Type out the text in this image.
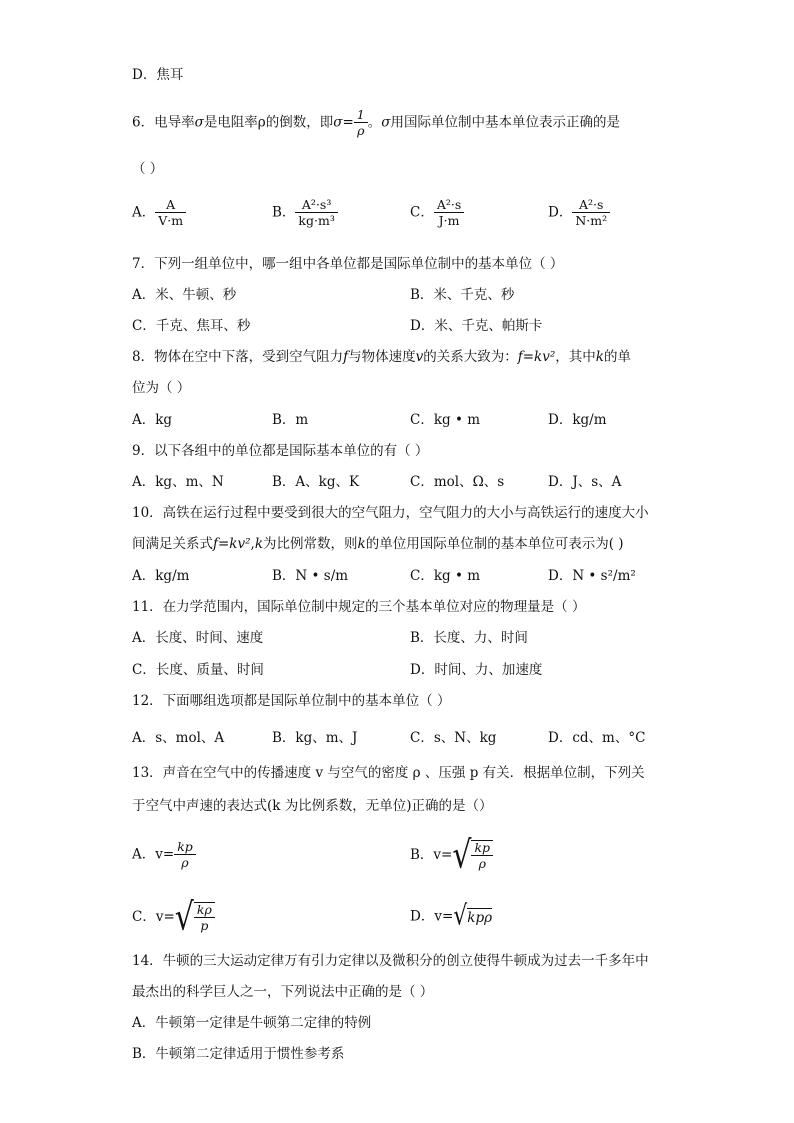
D．焦耳
6．电导率σ是电阻率ρ的倒数，即$\sigma= \frac{1}{\rho}$ 。σ用国际单位制中基本单位表示正确的是
（ ）
A． $\frac{A}{V\cdot m}$	B． $\frac{\text{A²·s³}}{\text{kg·m³}}$	C． $\frac{\text{A²·s}}{J\cdot m}$	D． $\frac{\text{A²·s}}{\text{N·m²}}$
7．下列一组单位中，哪一组中各单位都是国际单位制中的基本单位（ ）
A．米、牛顿、秒	B．米、千克、秒
C．千克、焦耳、秒	D．米、千克、帕斯卡
8．物体在空中下落，受到空气阻力f与物体速度v的关系大致为：f=kv²，其中k的单
位为（ ）
A．kg	B．m	C．kg • m	D．kg/m
9．以下各组中的单位都是国际基本单位的有（ ）
A．kg、m、N	B．A、kg、K	C．mol、Ω、s	D．J、s、A
10．高铁在运行过程中要受到很大的空气阻力，空气阻力的大小与高铁运行的速度大小
间满足关系式f=kv²,k为比例常数，则k的单位用国际单位制的基本单位可表示为( )
A．kg/m	B．N • s/m	C．kg • m	D．N • s²/m²
11．在力学范围内，国际单位制中规定的三个基本单位对应的物理量是（ ）
A．长度、时间、速度	B．长度、力、时间
C．长度、质量、时间	D．时间、力、加速度
12．下面哪组选项都是国际单位制中的基本单位（ ）
A．s、mol、A	B．kg、m、J	C．s、N、kg	D．cd、m、°C
13．声音在空气中的传播速度 v 与空气的密度 ρ 、压强 p 有关．根据单位制，下列关
于空气中声速的表达式(k 为比例系数，无单位)正确的是（）
A．$v= \frac{kp}{\rho}$	B．$v=√ \frac{kp}{\rho}$
C．$v=√ \frac{k\rho}{p}$	D．v=√kpρ
14．牛顿的三大运动定律万有引力定律以及微积分的创立使得牛顿成为过去一千多年中
最杰出的科学巨人之一，下列说法中正确的是（ ）
A．牛顿第一定律是牛顿第二定律的特例
B．牛顿第二定律适用于惯性参考系
